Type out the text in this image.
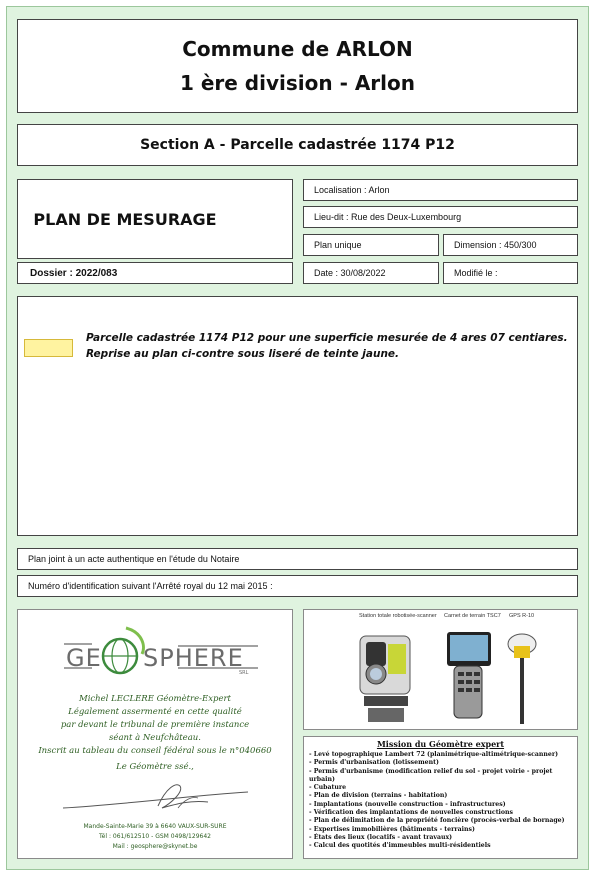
Commune de ARLON
1 ère division - Arlon
Section A - Parcelle cadastrée 1174 P12
PLAN DE MESURAGE
Dossier : 2022/083
Localisation : Arlon
Lieu-dit : Rue des Deux-Luxembourg
Plan unique	Dimension : 450/300
Date : 30/08/2022	Modifié le :
Parcelle cadastrée 1174 P12 pour une superficie mesurée de 4 ares 07 centiares.
Reprise au plan ci-contre sous liseré de teinte jaune.
Plan joint à un acte authentique en l'étude du Notaire
Numéro d'identification suivant l'Arrêté royal du 12 mai 2015 :
GE SPHERE
SRL
Michel LECLERE Géomètre-Expert
Légalement assermenté en cette qualité
par devant le tribunal de première instance
séant à Neufchâteau.
Inscrit au tableau du conseil fédéral sous le n°040660
Le Géomètre ssé.,
Mande-Sainte-Marie 39 à 6640 VAUX-SUR-SURE
Tél : 061/612510 - GSM 0498/129642
Mail : geosphere@skynet.be
Station totale robotisée-scanner Carnet de terrain TSC7 GPS R-10
Mission du Géomètre expert
- Levé topographique Lambert 72 (planimétrique-altimétrique-scanner)
- Permis d'urbanisation (lotissement)
- Permis d'urbanisme (modification relief du sol - projet voirie - projet urbain)
- Cubature
- Plan de division (terrains - habitation)
- Implantations (nouvelle construction - infrastructures)
- Vérification des implantations de nouvelles constructions
- Plan de délimitation de la propriété foncière (procès-verbal de bornage)
- Expertises immobilières (bâtiments - terrains)
- États des lieux (locatifs - avant travaux)
- Calcul des quotités d'immeubles multi-résidentiels
